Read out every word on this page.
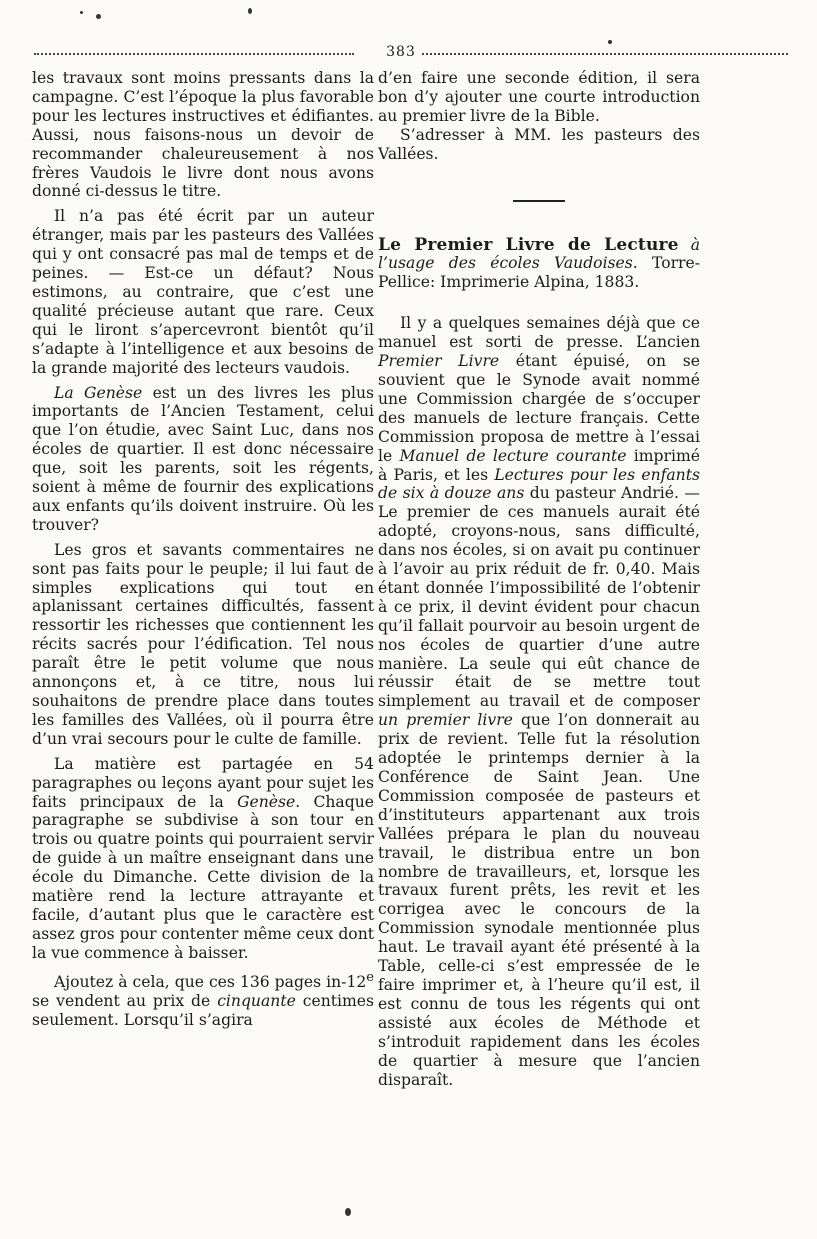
383

les travaux sont moins pressants dans la campagne. C’est l’époque la plus favorable pour les lectures instructives et édifiantes. Aussi, nous faisons-nous un devoir de recommander chaleureusement à nos frères Vaudois le livre dont nous avons donné ci-dessus le titre.

Il n’a pas été écrit par un auteur étranger, mais par les pasteurs des Vallées qui y ont consacré pas mal de temps et de peines. — Est-ce un défaut? Nous estimons, au contraire, que c’est une qualité précieuse autant que rare. Ceux qui le liront s’apercevront bientôt qu’il s’adapte à l’intelligence et aux besoins de la grande majorité des lecteurs vaudois.

La Genèse est un des livres les plus importants de l’Ancien Testament, celui que l’on étudie, avec Saint Luc, dans nos écoles de quartier. Il est donc nécessaire que, soit les parents, soit les régents, soient à même de fournir des explications aux enfants qu’ils doivent instruire. Où les trouver?

Les gros et savants commentaires ne sont pas faits pour le peuple; il lui faut de simples explications qui tout en aplanissant certaines difficultés, fassent ressortir les richesses que contiennent les récits sacrés pour l’édification. Tel nous paraît être le petit volume que nous annonçons et, à ce titre, nous lui souhaitons de prendre place dans toutes les familles des Vallées, où il pourra être d’un vrai secours pour le culte de famille.

La matière est partagée en 54 paragraphes ou leçons ayant pour sujet les faits principaux de la Genèse. Chaque paragraphe se subdivise à son tour en trois ou quatre points qui pourraient servir de guide à un maître enseignant dans une école du Dimanche. Cette division de la matière rend la lecture attrayante et facile, d’autant plus que le caractère est assez gros pour contenter même ceux dont la vue commence à baisser.

Ajoutez à cela, que ces 136 pages in-12e se vendent au prix de cinquante centimes seulement. Lorsqu’il s’agira

d’en faire une seconde édition, il sera bon d’y ajouter une courte introduction au premier livre de la Bible.

S’adresser à MM. les pasteurs des Vallées.

Le Premier Livre de Lecture à l’usage des écoles Vaudoises. Torre-Pellice: Imprimerie Alpina, 1883.

Il y a quelques semaines déjà que ce manuel est sorti de presse. L’ancien Premier Livre étant épuisé, on se souvient que le Synode avait nommé une Commission chargée de s’occuper des manuels de lecture français. Cette Commission proposa de mettre à l’essai le Manuel de lecture courante imprimé à Paris, et les Lectures pour les enfants de six à douze ans du pasteur Andrié. — Le premier de ces manuels aurait été adopté, croyons-nous, sans difficulté, dans nos écoles, si on avait pu continuer à l’avoir au prix réduit de fr. 0,40. Mais étant donnée l’impossibilité de l’obtenir à ce prix, il devint évident pour chacun qu’il fallait pourvoir au besoin urgent de nos écoles de quartier d’une autre manière. La seule qui eût chance de réussir était de se mettre tout simplement au travail et de composer un premier livre que l’on donnerait au prix de revient. Telle fut la résolution adoptée le printemps dernier à la Conférence de Saint Jean. Une Commission composée de pasteurs et d’instituteurs appartenant aux trois Vallées prépara le plan du nouveau travail, le distribua entre un bon nombre de travailleurs, et, lorsque les travaux furent prêts, les revit et les corrigea avec le concours de la Commission synodale mentionnée plus haut. Le travail ayant été présenté à la Table, celle-ci s’est empressée de le faire imprimer et, à l’heure qu’il est, il est connu de tous les régents qui ont assisté aux écoles de Méthode et s’introduit rapidement dans les écoles de quartier à mesure que l’ancien disparaît.
